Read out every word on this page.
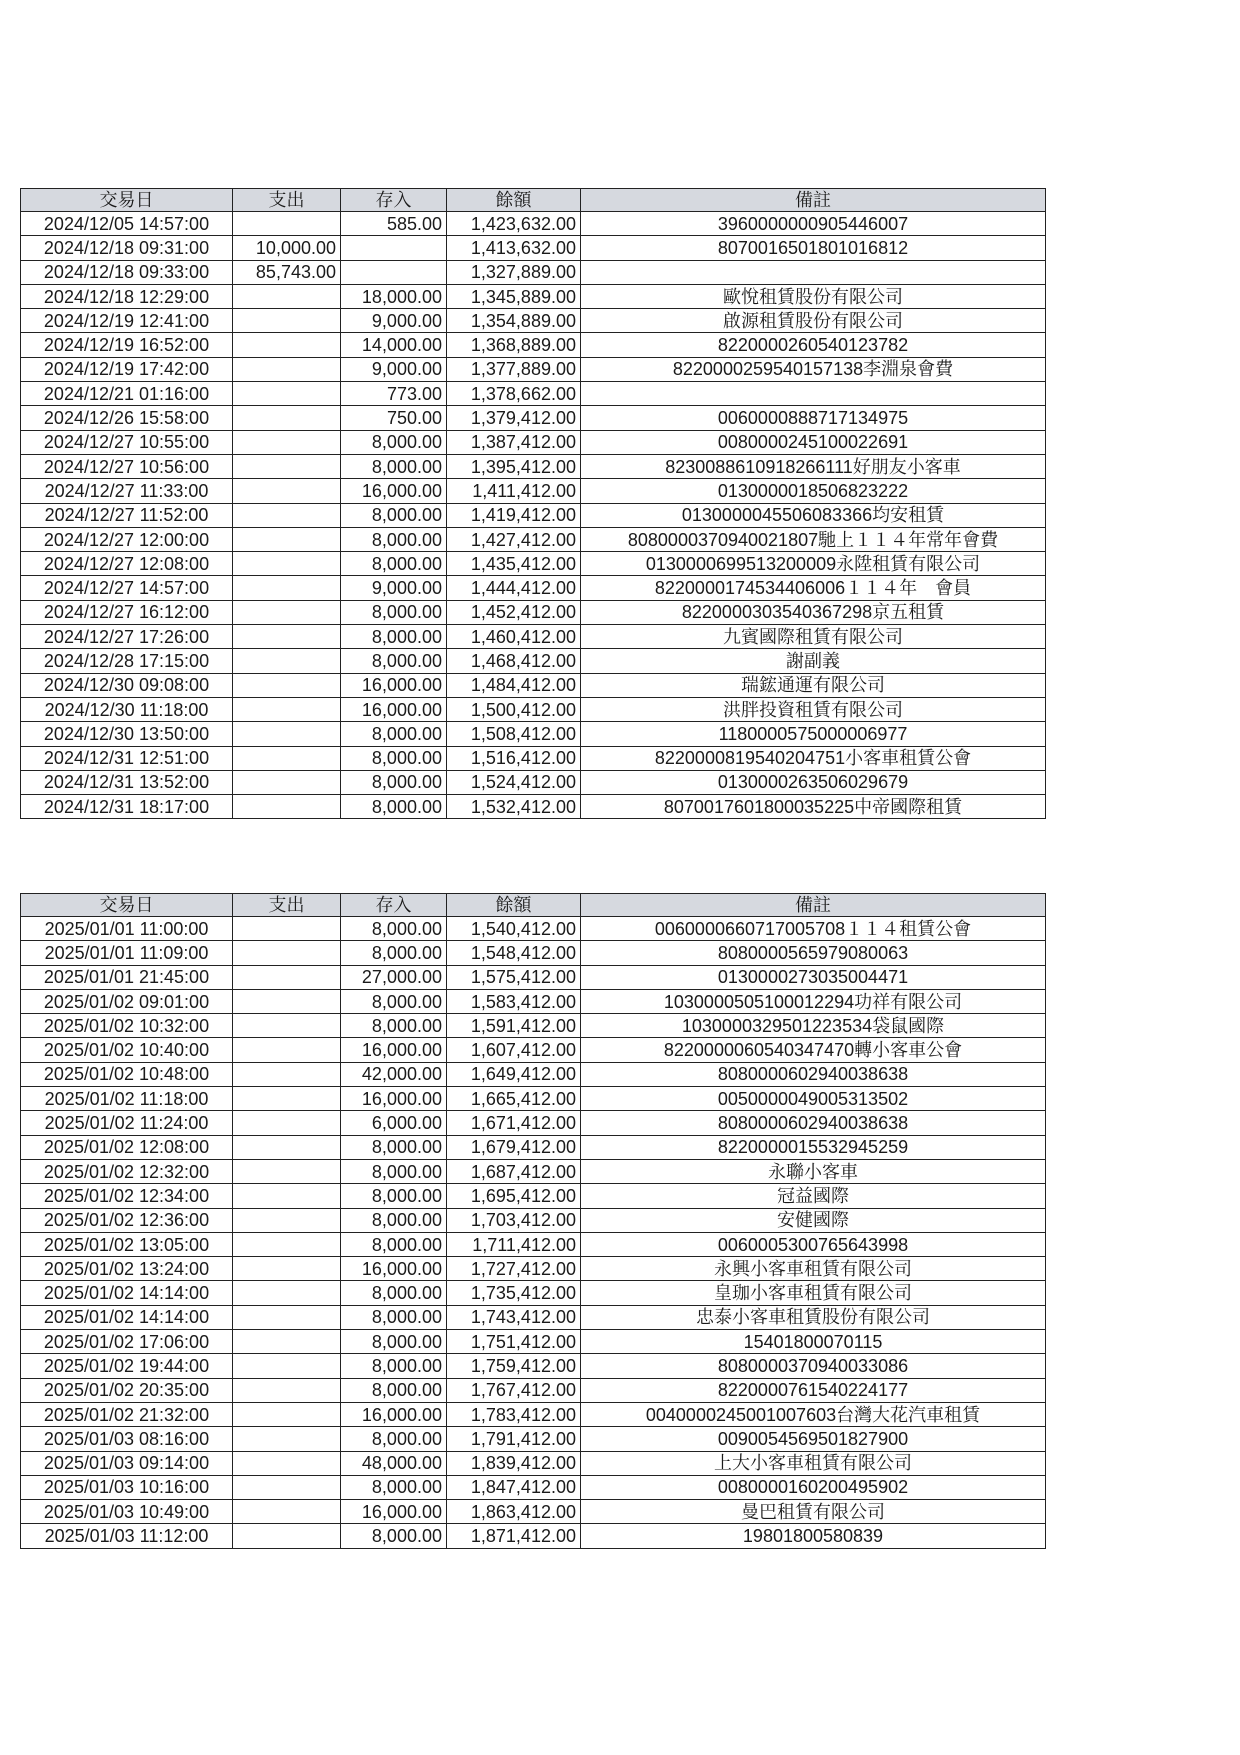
交易日	支出	存入	餘額	備註
2024/12/05 14:57:00		585.00	1,423,632.00	3960000000905446007
2024/12/18 09:31:00	10,000.00		1,413,632.00	8070016501801016812
2024/12/18 09:33:00	85,743.00		1,327,889.00	
2024/12/18 12:29:00		18,000.00	1,345,889.00	歐悅租賃股份有限公司
2024/12/19 12:41:00		9,000.00	1,354,889.00	啟源租賃股份有限公司
2024/12/19 16:52:00		14,000.00	1,368,889.00	8220000260540123782
2024/12/19 17:42:00		9,000.00	1,377,889.00	8220000259540157138李淵泉會費
2024/12/21 01:16:00		773.00	1,378,662.00	
2024/12/26 15:58:00		750.00	1,379,412.00	0060000888717134975
2024/12/27 10:55:00		8,000.00	1,387,412.00	0080000245100022691
2024/12/27 10:56:00		8,000.00	1,395,412.00	8230088610918266111好朋友小客車
2024/12/27 11:33:00		16,000.00	1,411,412.00	0130000018506823222
2024/12/27 11:52:00		8,000.00	1,419,412.00	0130000045506083366均安租賃
2024/12/27 12:00:00		8,000.00	1,427,412.00	8080000370940021807馳上１１４年常年會費
2024/12/27 12:08:00		8,000.00	1,435,412.00	0130000699513200009永陞租賃有限公司
2024/12/27 14:57:00		9,000.00	1,444,412.00	8220000174534406006１１４年　會員
2024/12/27 16:12:00		8,000.00	1,452,412.00	8220000303540367298京五租賃
2024/12/27 17:26:00		8,000.00	1,460,412.00	九賓國際租賃有限公司
2024/12/28 17:15:00		8,000.00	1,468,412.00	謝副義
2024/12/30 09:08:00		16,000.00	1,484,412.00	瑞鋐通運有限公司
2024/12/30 11:18:00		16,000.00	1,500,412.00	洪胖投資租賃有限公司
2024/12/30 13:50:00		8,000.00	1,508,412.00	1180000575000006977
2024/12/31 12:51:00		8,000.00	1,516,412.00	8220000819540204751小客車租賃公會
2024/12/31 13:52:00		8,000.00	1,524,412.00	0130000263506029679
2024/12/31 18:17:00		8,000.00	1,532,412.00	8070017601800035225中帝國際租賃
交易日	支出	存入	餘額	備註
2025/01/01 11:00:00		8,000.00	1,540,412.00	0060000660717005708１１４租賃公會
2025/01/01 11:09:00		8,000.00	1,548,412.00	8080000565979080063
2025/01/01 21:45:00		27,000.00	1,575,412.00	0130000273035004471
2025/01/02 09:01:00		8,000.00	1,583,412.00	1030000505100012294功祥有限公司
2025/01/02 10:32:00		8,000.00	1,591,412.00	1030000329501223534袋鼠國際
2025/01/02 10:40:00		16,000.00	1,607,412.00	8220000060540347470轉小客車公會
2025/01/02 10:48:00		42,000.00	1,649,412.00	8080000602940038638
2025/01/02 11:18:00		16,000.00	1,665,412.00	0050000049005313502
2025/01/02 11:24:00		6,000.00	1,671,412.00	8080000602940038638
2025/01/02 12:08:00		8,000.00	1,679,412.00	8220000015532945259
2025/01/02 12:32:00		8,000.00	1,687,412.00	永聯小客車
2025/01/02 12:34:00		8,000.00	1,695,412.00	冠益國際
2025/01/02 12:36:00		8,000.00	1,703,412.00	安健國際
2025/01/02 13:05:00		8,000.00	1,711,412.00	0060005300765643998
2025/01/02 13:24:00		16,000.00	1,727,412.00	永興小客車租賃有限公司
2025/01/02 14:14:00		8,000.00	1,735,412.00	皇珈小客車租賃有限公司
2025/01/02 14:14:00		8,000.00	1,743,412.00	忠泰小客車租賃股份有限公司
2025/01/02 17:06:00		8,000.00	1,751,412.00	15401800070115
2025/01/02 19:44:00		8,000.00	1,759,412.00	8080000370940033086
2025/01/02 20:35:00		8,000.00	1,767,412.00	8220000761540224177
2025/01/02 21:32:00		16,000.00	1,783,412.00	0040000245001007603台灣大花汽車租賃
2025/01/03 08:16:00		8,000.00	1,791,412.00	0090054569501827900
2025/01/03 09:14:00		48,000.00	1,839,412.00	上大小客車租賃有限公司
2025/01/03 10:16:00		8,000.00	1,847,412.00	0080000160200495902
2025/01/03 10:49:00		16,000.00	1,863,412.00	曼巴租賃有限公司
2025/01/03 11:12:00		8,000.00	1,871,412.00	19801800580839
